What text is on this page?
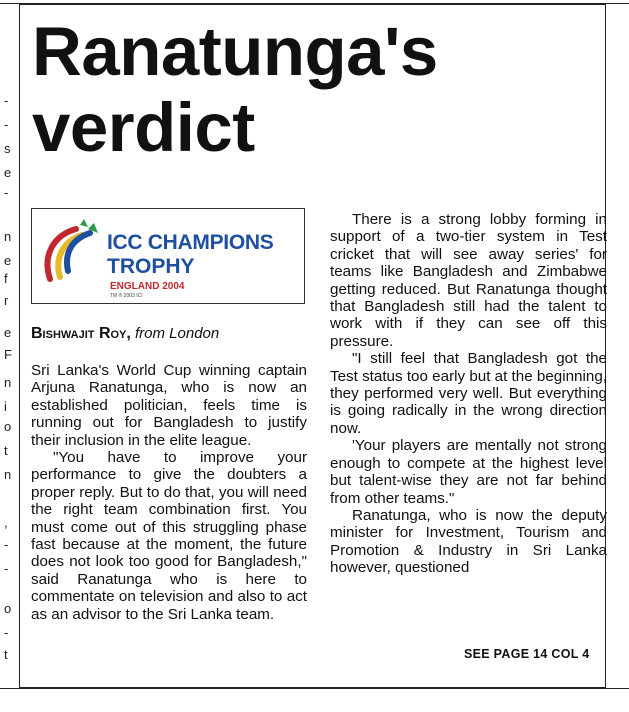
-
-
s
e
-
n
e
f
r
e
F
n
i
o
t
n
,
-
-
o
-
t
Ranatunga's
verdict
ICC CHAMPIONS
TROPHY
ENGLAND 2004
TM ® 2003 ICI
Bishwajit Roy, from London

Sri Lanka's World Cup winning captain Arjuna Ranatunga, who is now an established politician, feels time is running out for Bangladesh to justify their inclusion in the elite league.

"You have to improve your performance to give the doubters a proper reply. But to do that, you will need the right team combination first. You must come out of this struggling phase fast because at the moment, the future does not look too good for Bangladesh," said Ranatunga who is here to commentate on television and also to act as an advisor to the Sri Lanka team.

There is a strong lobby forming in support of a two-tier system in Test cricket that will see away series' for teams like Bangladesh and Zimbabwe getting reduced. But Ranatunga thought that Bangladesh still had the talent to work with if they can see off this pressure.

"I still feel that Bangladesh got the Test status too early but at the beginning, they performed very well. But everything is going radically in the wrong direction now.

'Your players are mentally not strong enough to compete at the highest level but talent-wise they are not far behind from other teams."

Ranatunga, who is now the deputy minister for Investment, Tourism and Promotion & Industry in Sri Lanka however, questioned

SEE PAGE 14 COL 4
